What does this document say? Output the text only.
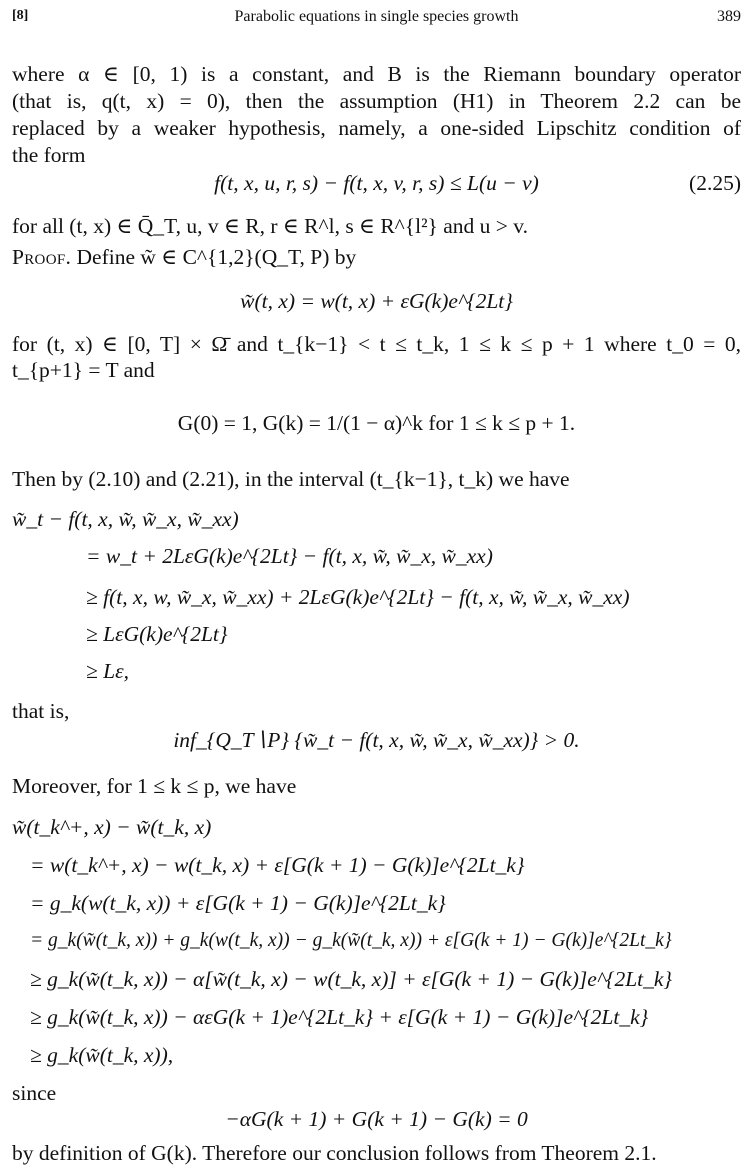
[8]	Parabolic equations in single species growth	389
where α ∈ [0, 1) is a constant, and B is the Riemann boundary operator
(that is, q(t, x) = 0), then the assumption (H1) in Theorem 2.2 can be
replaced by a weaker hypothesis, namely, a one-sided Lipschitz condition of
the form
f(t, x, u, r, s) − f(t, x, v, r, s) ≤ L(u − v)	(2.25)
for all (t, x) ∈ Q̄_T, u, v ∈ R, r ∈ R^l, s ∈ R^{l²} and u > v.
Proof. Define w̃ ∈ C^{1,2}(Q_T, P) by
w̃(t, x) = w(t, x) + εG(k)e^{2Lt}
for (t, x) ∈ [0, T] × Ω̄ and t_{k−1} < t ≤ t_k, 1 ≤ k ≤ p + 1 where t_0 = 0,
t_{p+1} = T and
G(0) = 1, G(k) = 1/(1 − α)^k for 1 ≤ k ≤ p + 1.
Then by (2.10) and (2.21), in the interval (t_{k−1}, t_k) we have
w̃_t − f(t, x, w̃, w̃_x, w̃_xx)
= w_t + 2LεG(k)e^{2Lt} − f(t, x, w̃, w̃_x, w̃_xx)
≥ f(t, x, w, w̃_x, w̃_xx) + 2LεG(k)e^{2Lt} − f(t, x, w̃, w̃_x, w̃_xx)
≥ LεG(k)e^{2Lt}
≥ Lε,
that is,
inf_{Q_T∖P} {w̃_t − f(t, x, w̃, w̃_x, w̃_xx)} > 0.
Moreover, for 1 ≤ k ≤ p, we have
w̃(t_k^+, x) − w̃(t_k, x)
= w(t_k^+, x) − w(t_k, x) + ε[G(k + 1) − G(k)]e^{2Lt_k}
= g_k(w(t_k, x)) + ε[G(k + 1) − G(k)]e^{2Lt_k}
= g_k(w̃(t_k, x)) + g_k(w(t_k, x)) − g_k(w̃(t_k, x)) + ε[G(k + 1) − G(k)]e^{2Lt_k}
≥ g_k(w̃(t_k, x)) − α[w̃(t_k, x) − w(t_k, x)] + ε[G(k + 1) − G(k)]e^{2Lt_k}
≥ g_k(w̃(t_k, x)) − αεG(k + 1)e^{2Lt_k} + ε[G(k + 1) − G(k)]e^{2Lt_k}
≥ g_k(w̃(t_k, x)),
since
−αG(k + 1) + G(k + 1) − G(k) = 0
by definition of G(k). Therefore our conclusion follows from Theorem 2.1.
